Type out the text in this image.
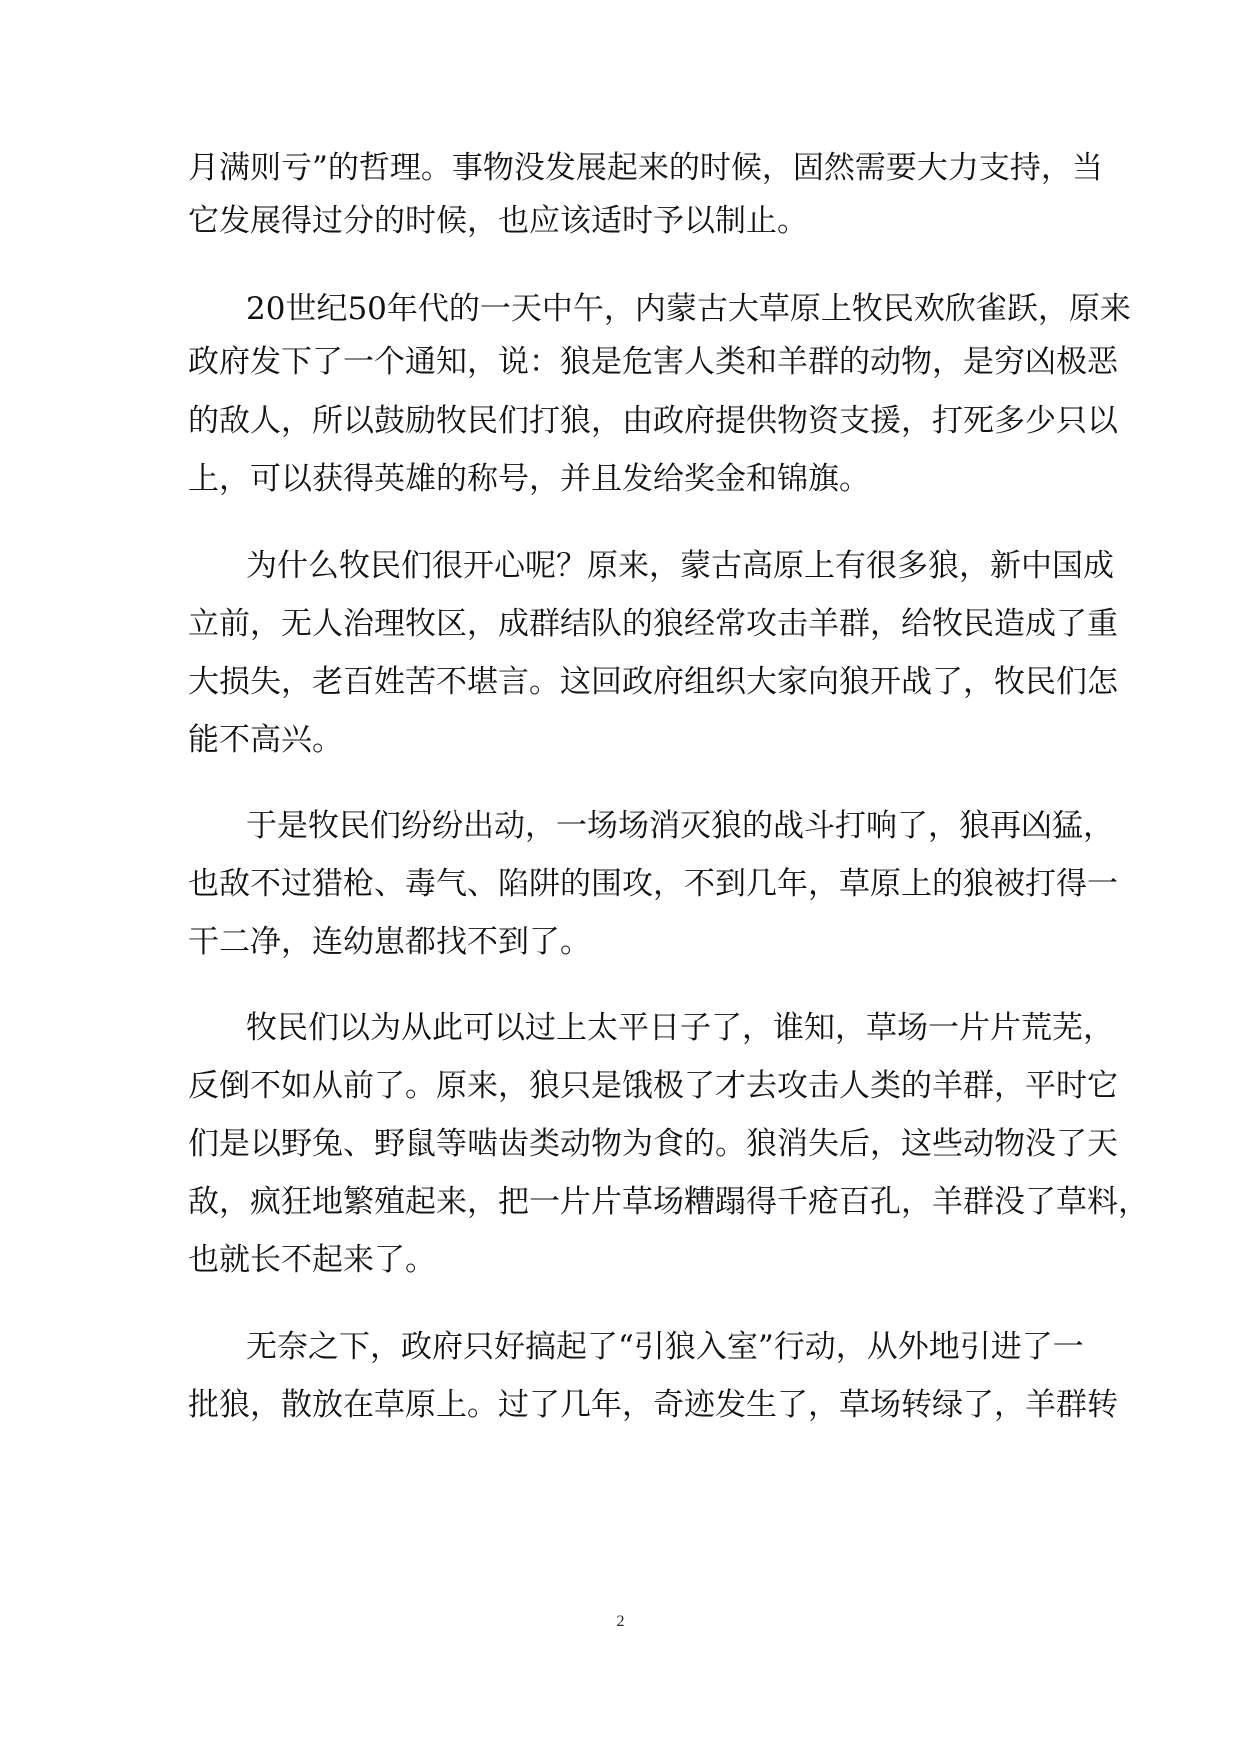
月满则亏”的哲理。事物没发展起来的时候，固然需要大力支持，当
它发展得过分的时候，也应该适时予以制止。
20世纪50年代的一天中午，内蒙古大草原上牧民欢欣雀跃，原来
政府发下了一个通知，说：狼是危害人类和羊群的动物，是穷凶极恶
的敌人，所以鼓励牧民们打狼，由政府提供物资支援，打死多少只以
上，可以获得英雄的称号，并且发给奖金和锦旗。
为什么牧民们很开心呢？原来，蒙古高原上有很多狼，新中国成
立前，无人治理牧区，成群结队的狼经常攻击羊群，给牧民造成了重
大损失，老百姓苦不堪言。这回政府组织大家向狼开战了，牧民们怎
能不高兴。
于是牧民们纷纷出动，一场场消灭狼的战斗打响了，狼再凶猛，
也敌不过猎枪、毒气、陷阱的围攻，不到几年，草原上的狼被打得一
干二净，连幼崽都找不到了。
牧民们以为从此可以过上太平日子了，谁知，草场一片片荒芜，
反倒不如从前了。原来，狼只是饿极了才去攻击人类的羊群，平时它
们是以野兔、野鼠等啮齿类动物为食的。狼消失后，这些动物没了天
敌，疯狂地繁殖起来，把一片片草场糟蹋得千疮百孔，羊群没了草料，
也就长不起来了。
无奈之下，政府只好搞起了“引狼入室”行动，从外地引进了一
批狼，散放在草原上。过了几年，奇迹发生了，草场转绿了，羊群转
2
